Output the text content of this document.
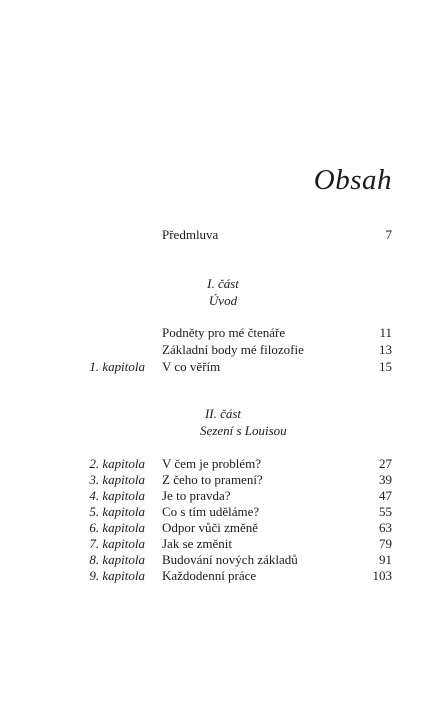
Obsah
Předmluva	7
I. část
Úvod
Podněty pro mé čtenáře	11
Základní body mé filozofie	13
1. kapitola V co věřím	15
II. část
Sezení s Louisou
2. kapitola V čem je problém?	27
3. kapitola Z čeho to pramení?	39
4. kapitola Je to pravda?	47
5. kapitola Co s tím uděláme?	55
6. kapitola Odpor vůči změně	63
7. kapitola Jak se změnit	79
8. kapitola Budování nových základů	91
9. kapitola Každodenní práce	103
